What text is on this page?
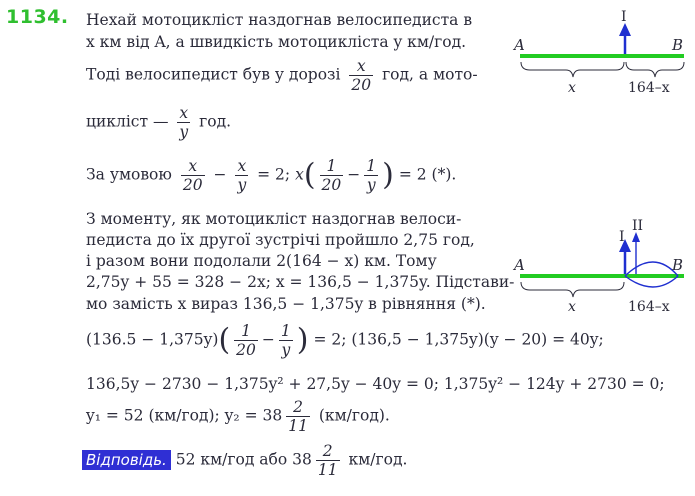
1134. Нехай мотоцикліст наздогнав велосипедиста в
x км від A, а швидкість мотоцикліста y км/год.
Тоді велосипедист був у дорозі $\frac{x}{20}$ год, а мото-
цикліст — $\frac{x}{y}$ год.
За умовою $\frac{x}{20} - \frac{x}{y} = 2$; $x( \frac{1}{20} - \frac{1}{y}$ ) = 2 (*).
З моменту, як мотоцикліст наздогнав велоси-
педиста до їх другої зустрічі пройшло 2,75 год,
і разом вони подолали 2(164 − x) км. Тому
2,75y + 55 = 328 − 2x; x = 136,5 − 1,375y. Підстави-
мо замість x вираз 136,5 − 1,375y в рівняння (*).
$(136.5 - 1,375y)( \frac{1}{20} - \frac{1}{y}$ ) = 2; (136,5 − 1,375y)(y − 20) = 40y;
136,5y − 2730 − 1,375y² + 27,5y − 40y = 0; 1,375y² − 124y + 2730 = 0;
y₁ = 52 (км/год); $y_2 = 38 \frac{2}{11} (км/год)$.
Відповідь. 52 км/год або $38 \frac{2}{11} км/год$.
I
A	B
x	164–x
I
II
A	B
x	164–x
